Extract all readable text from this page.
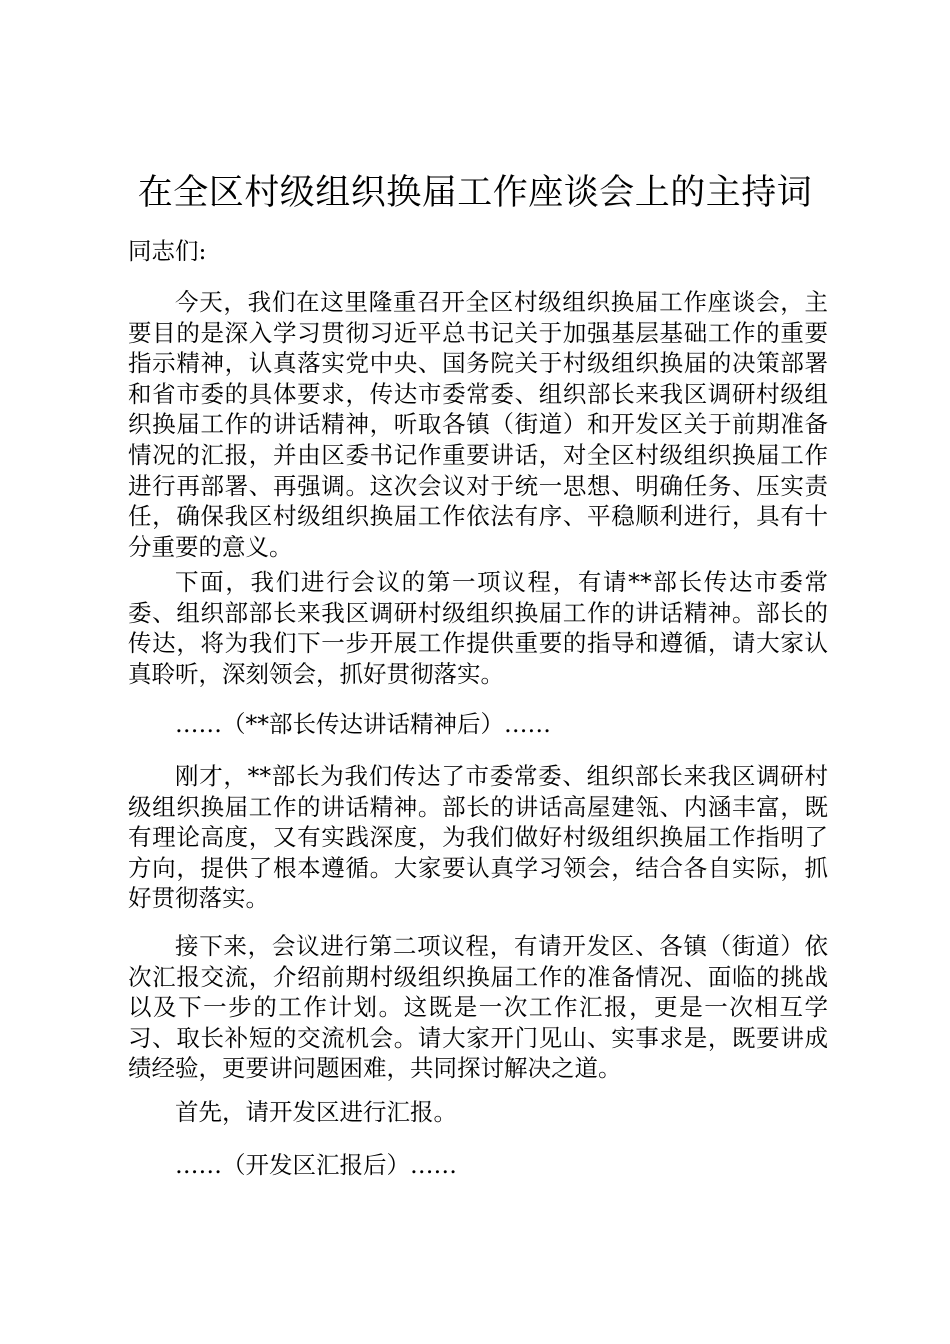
在全区村级组织换届工作座谈会上的主持词
同志们:

今天，我们在这里隆重召开全区村级组织换届工作座谈会，主要目的是深入学习贯彻习近平总书记关于加强基层基础工作的重要指示精神，认真落实党中央、国务院关于村级组织换届的决策部署和省市委的具体要求，传达市委常委、组织部长来我区调研村级组织换届工作的讲话精神，听取各镇（街道）和开发区关于前期准备情况的汇报，并由区委书记作重要讲话，对全区村级组织换届工作进行再部署、再强调。这次会议对于统一思想、明确任务、压实责任，确保我区村级组织换届工作依法有序、平稳顺利进行，具有十分重要的意义。

下面，我们进行会议的第一项议程，有请**部长传达市委常委、组织部部长来我区调研村级组织换届工作的讲话精神。部长的传达，将为我们下一步开展工作提供重要的指导和遵循，请大家认真聆听，深刻领会，抓好贯彻落实。

……（**部长传达讲话精神后）……

刚才，**部长为我们传达了市委常委、组织部长来我区调研村级组织换届工作的讲话精神。部长的讲话高屋建瓴、内涵丰富，既有理论高度，又有实践深度，为我们做好村级组织换届工作指明了方向，提供了根本遵循。大家要认真学习领会，结合各自实际，抓好贯彻落实。

接下来，会议进行第二项议程，有请开发区、各镇（街道）依次汇报交流，介绍前期村级组织换届工作的准备情况、面临的挑战以及下一步的工作计划。这既是一次工作汇报，更是一次相互学习、取长补短的交流机会。请大家开门见山、实事求是，既要讲成绩经验，更要讲问题困难，共同探讨解决之道。

首先，请开发区进行汇报。

……（开发区汇报后）……
